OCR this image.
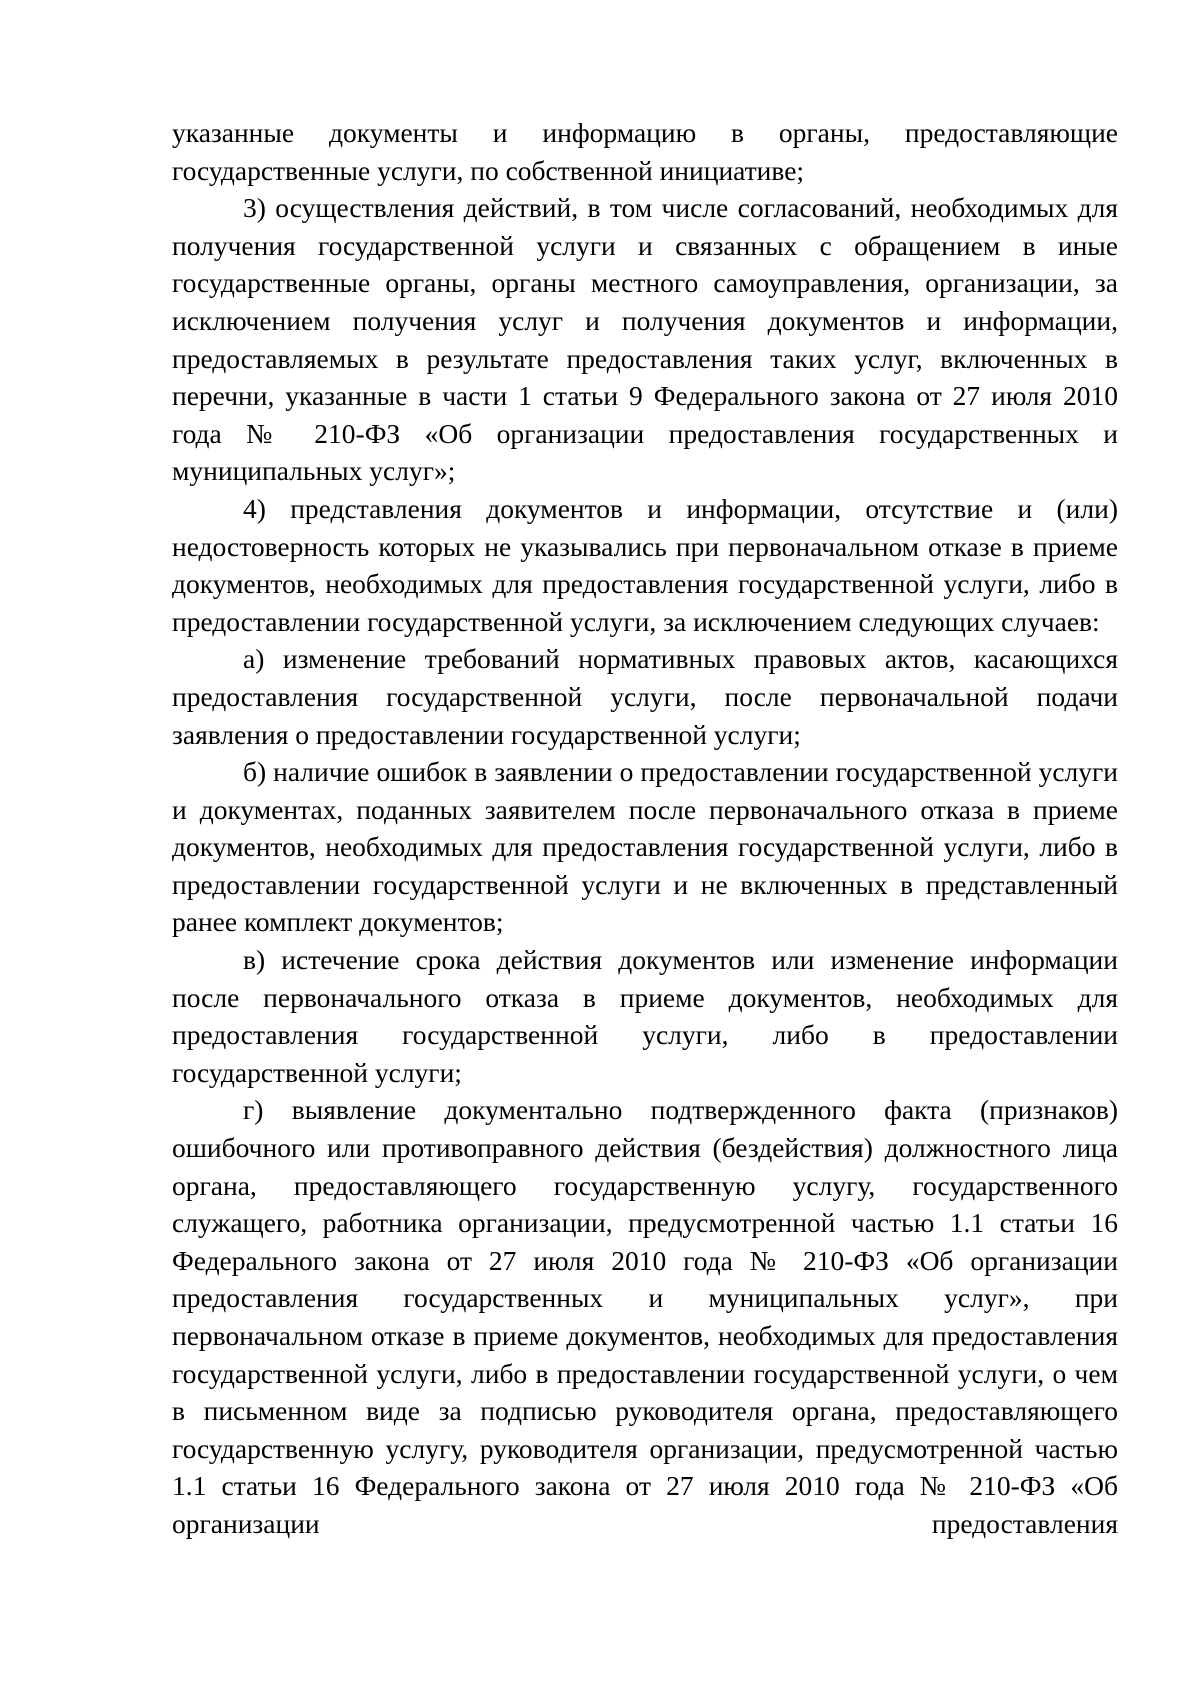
указанные документы и информацию в органы, предоставляющие государственные услуги, по собственной инициативе;

3) осуществления действий, в том числе согласований, необходимых для получения государственной услуги и связанных с обращением в иные государственные органы, органы местного самоуправления, организации, за исключением получения услуг и получения документов и информации, предоставляемых в результате предоставления таких услуг, включенных в перечни, указанные в части 1 статьи 9 Федерального закона от 27 июля 2010 года № 210-ФЗ «Об организации предоставления государственных и муниципальных услуг»;

4) представления документов и информации, отсутствие и (или) недостоверность которых не указывались при первоначальном отказе в приеме документов, необходимых для предоставления государственной услуги, либо в предоставлении государственной услуги, за исключением следующих случаев:

а) изменение требований нормативных правовых актов, касающихся предоставления государственной услуги, после первоначальной подачи заявления о предоставлении государственной услуги;

б) наличие ошибок в заявлении о предоставлении государственной услуги и документах, поданных заявителем после первоначального отказа в приеме документов, необходимых для предоставления государственной услуги, либо в предоставлении государственной услуги и не включенных в представленный ранее комплект документов;

в) истечение срока действия документов или изменение информации после первоначального отказа в приеме документов, необходимых для предоставления государственной услуги, либо в предоставлении государственной услуги;

г) выявление документально подтвержденного факта (признаков) ошибочного или противоправного действия (бездействия) должностного лица органа, предоставляющего государственную услугу, государственного служащего, работника организации, предусмотренной частью 1.1 статьи 16 Федерального закона от 27 июля 2010 года № 210-ФЗ «Об организации предоставления государственных и муниципальных услуг», при первоначальном отказе в приеме документов, необходимых для предоставления государственной услуги, либо в предоставлении государственной услуги, о чем в письменном виде за подписью руководителя органа, предоставляющего государственную услугу, руководителя организации, предусмотренной частью 1.1 статьи 16 Федерального закона от 27 июля 2010 года № 210-ФЗ «Об организации предоставления
